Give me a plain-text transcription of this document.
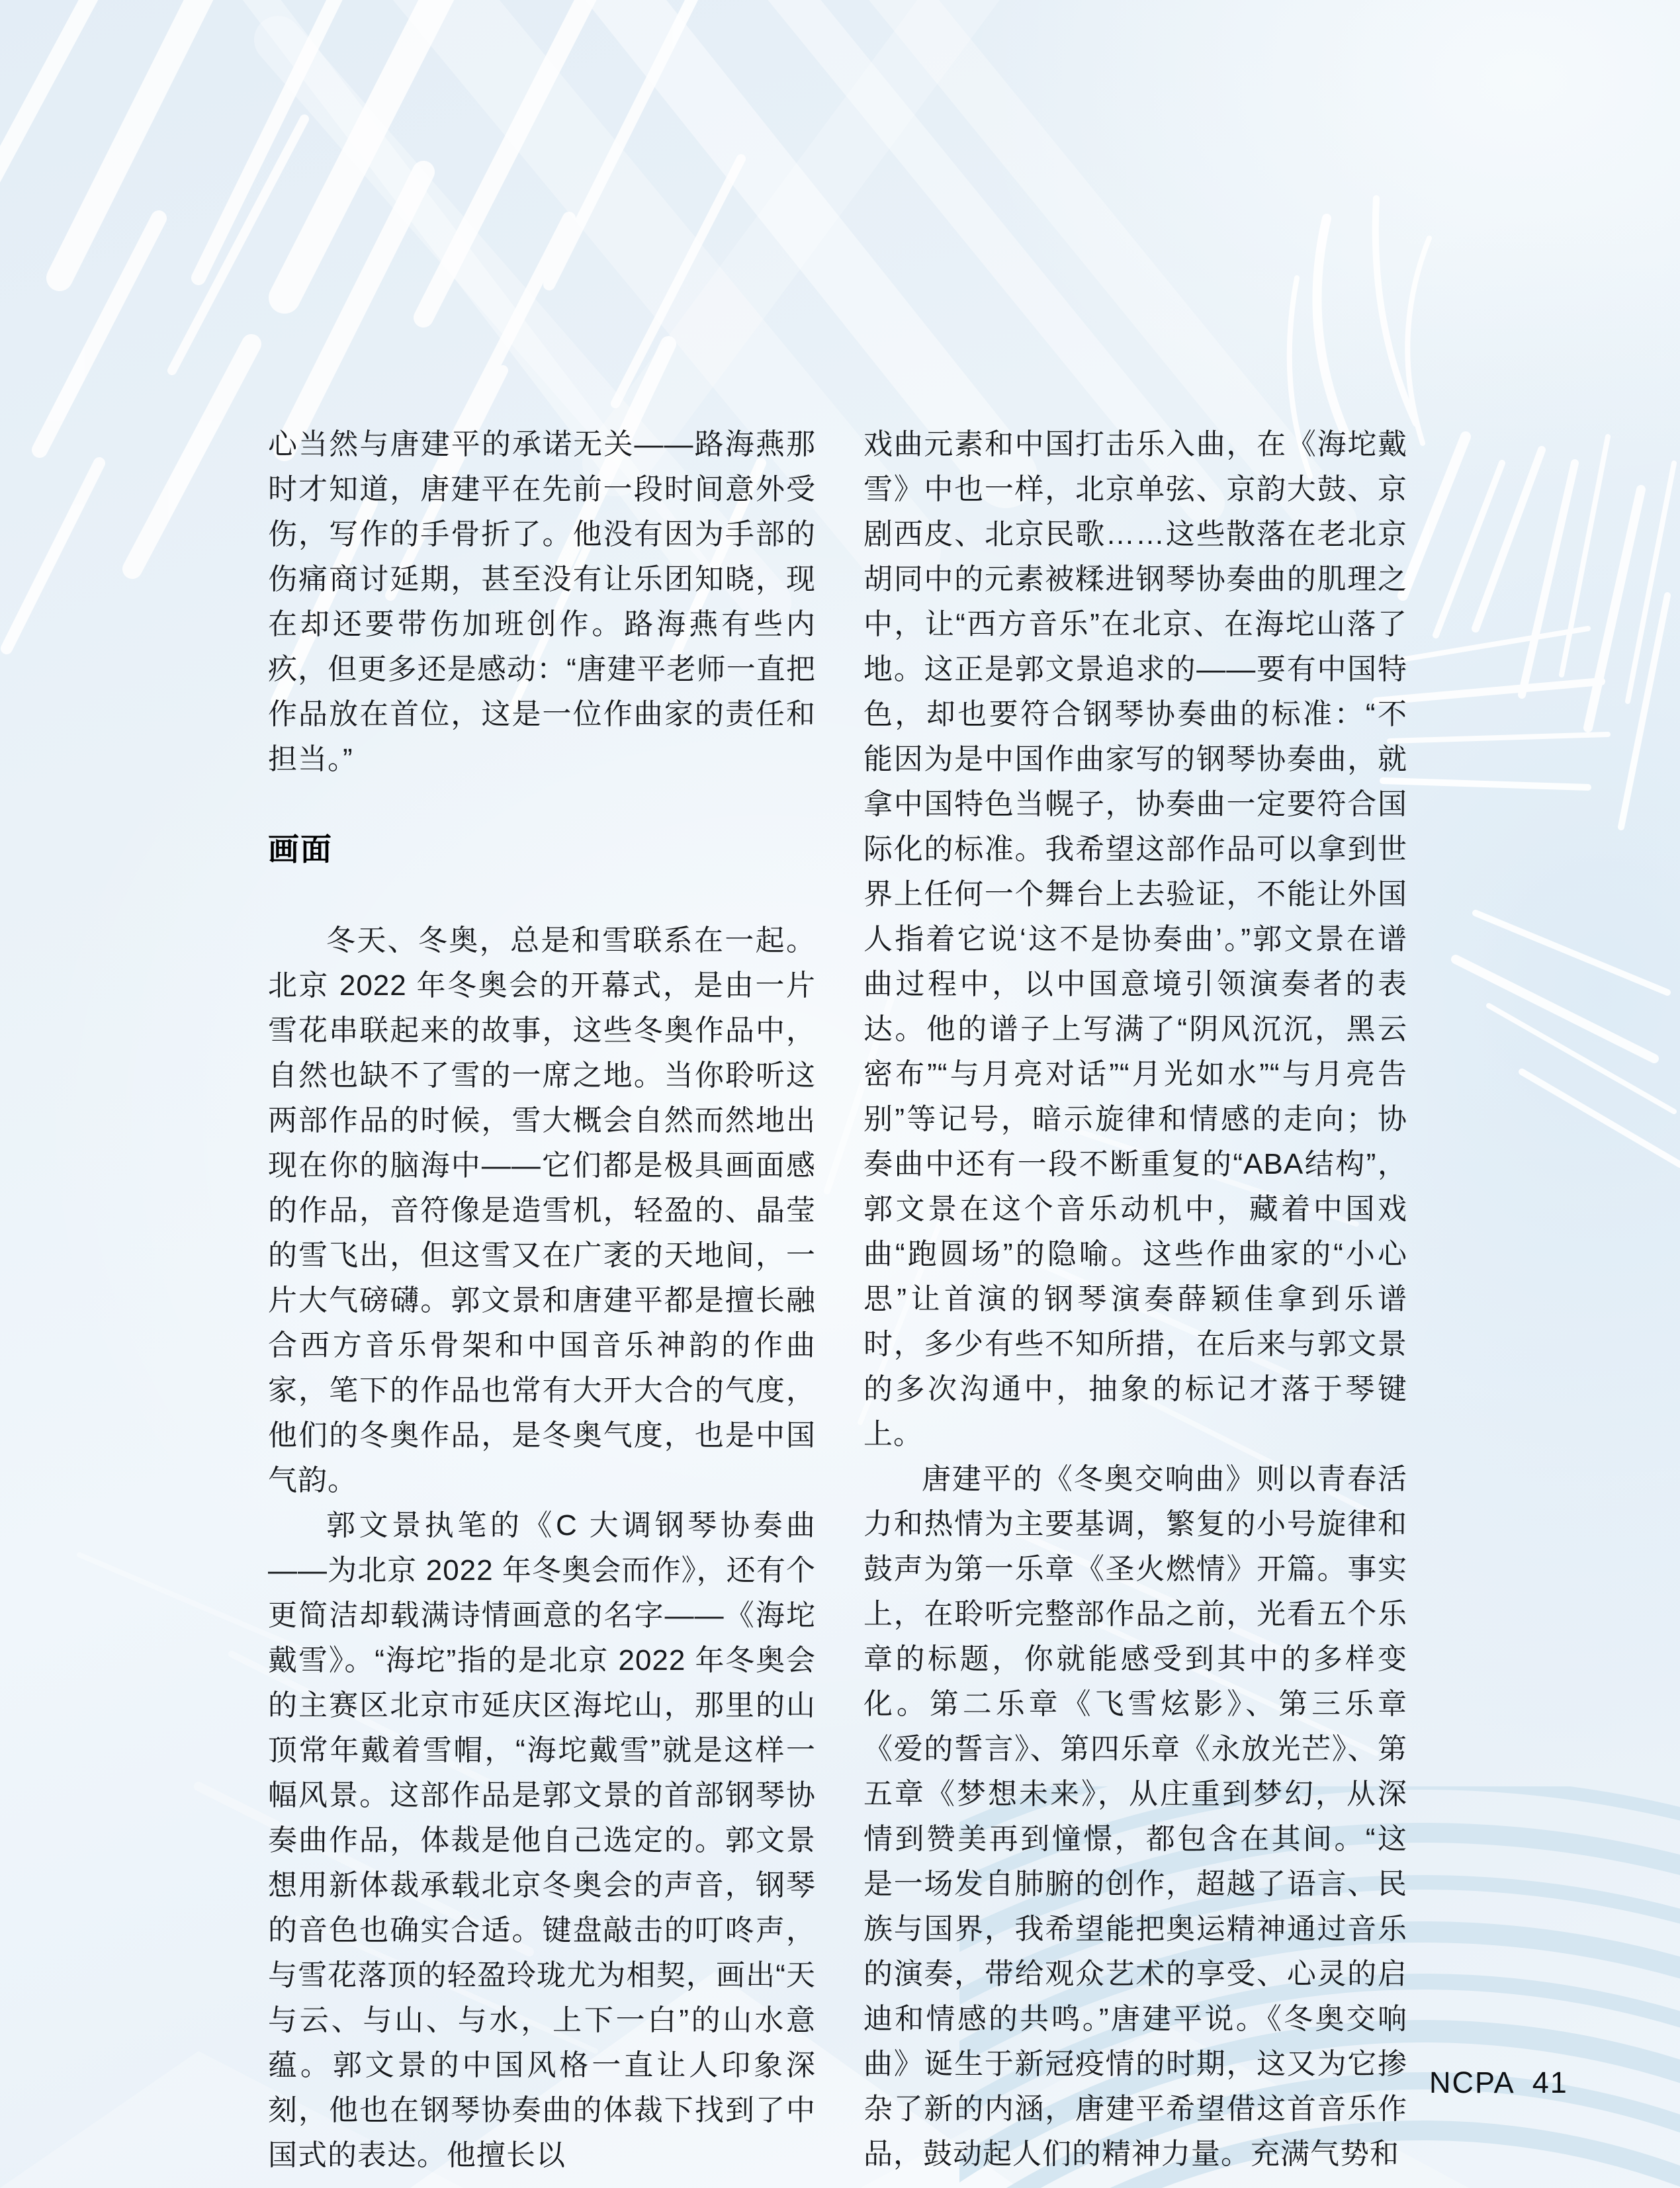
心当然与唐建平的承诺无关——路海燕那时才知道，唐建平在先前一段时间意外受伤，写作的手骨折了。他没有因为手部的伤痛商讨延期，甚至没有让乐团知晓，现在却还要带伤加班创作。路海燕有些内疚，但更多还是感动：“唐建平老师一直把作品放在首位，这是一位作曲家的责任和担当。”

画面

冬天、冬奥，总是和雪联系在一起。北京 2022 年冬奥会的开幕式，是由一片雪花串联起来的故事，这些冬奥作品中，自然也缺不了雪的一席之地。当你聆听这两部作品的时候，雪大概会自然而然地出现在你的脑海中——它们都是极具画面感的作品，音符像是造雪机，轻盈的、晶莹的雪飞出，但这雪又在广袤的天地间，一片大气磅礴。郭文景和唐建平都是擅长融合西方音乐骨架和中国音乐神韵的作曲家，笔下的作品也常有大开大合的气度，他们的冬奥作品，是冬奥气度，也是中国气韵。

郭文景执笔的《C 大调钢琴协奏曲——为北京 2022 年冬奥会而作》，还有个更简洁却载满诗情画意的名字——《海坨戴雪》。“海坨”指的是北京 2022 年冬奥会的主赛区北京市延庆区海坨山，那里的山顶常年戴着雪帽，“海坨戴雪”就是这样一幅风景。这部作品是郭文景的首部钢琴协奏曲作品，体裁是他自己选定的。郭文景想用新体裁承载北京冬奥会的声音，钢琴的音色也确实合适。键盘敲击的叮咚声，与雪花落顶的轻盈玲珑尤为相契，画出“天与云、与山、与水，上下一白”的山水意蕴。郭文景的中国风格一直让人印象深刻，他也在钢琴协奏曲的体裁下找到了中国式的表达。他擅长以

戏曲元素和中国打击乐入曲，在《海坨戴雪》中也一样，北京单弦、京韵大鼓、京剧西皮、北京民歌……这些散落在老北京胡同中的元素被糅进钢琴协奏曲的肌理之中，让“西方音乐”在北京、在海坨山落了地。这正是郭文景追求的——要有中国特色，却也要符合钢琴协奏曲的标准：“不能因为是中国作曲家写的钢琴协奏曲，就拿中国特色当幌子，协奏曲一定要符合国际化的标准。我希望这部作品可以拿到世界上任何一个舞台上去验证，不能让外国人指着它说‘这不是协奏曲’。”郭文景在谱曲过程中，以中国意境引领演奏者的表达。他的谱子上写满了“阴风沉沉，黑云密布”“与月亮对话”“月光如水”“与月亮告别”等记号，暗示旋律和情感的走向；协奏曲中还有一段不断重复的“ABA结构”，郭文景在这个音乐动机中，藏着中国戏曲“跑圆场”的隐喻。这些作曲家的“小心思”让首演的钢琴演奏薛颖佳拿到乐谱时，多少有些不知所措，在后来与郭文景的多次沟通中，抽象的标记才落于琴键上。

唐建平的《冬奥交响曲》则以青春活力和热情为主要基调，繁复的小号旋律和鼓声为第一乐章《圣火燃情》开篇。事实上，在聆听完整部作品之前，光看五个乐章的标题，你就能感受到其中的多样变化。第二乐章《飞雪炫影》、第三乐章《爱的誓言》、第四乐章《永放光芒》、第五章《梦想未来》，从庄重到梦幻，从深情到赞美再到憧憬，都包含在其间。“这是一场发自肺腑的创作，超越了语言、民族与国界，我希望能把奥运精神通过音乐的演奏，带给观众艺术的享受、心灵的启迪和情感的共鸣。”唐建平说。《冬奥交响曲》诞生于新冠疫情的时期，这又为它掺杂了新的内涵，唐建平希望借这首音乐作品，鼓动起人们的精神力量。充满气势和

NCPA 41
